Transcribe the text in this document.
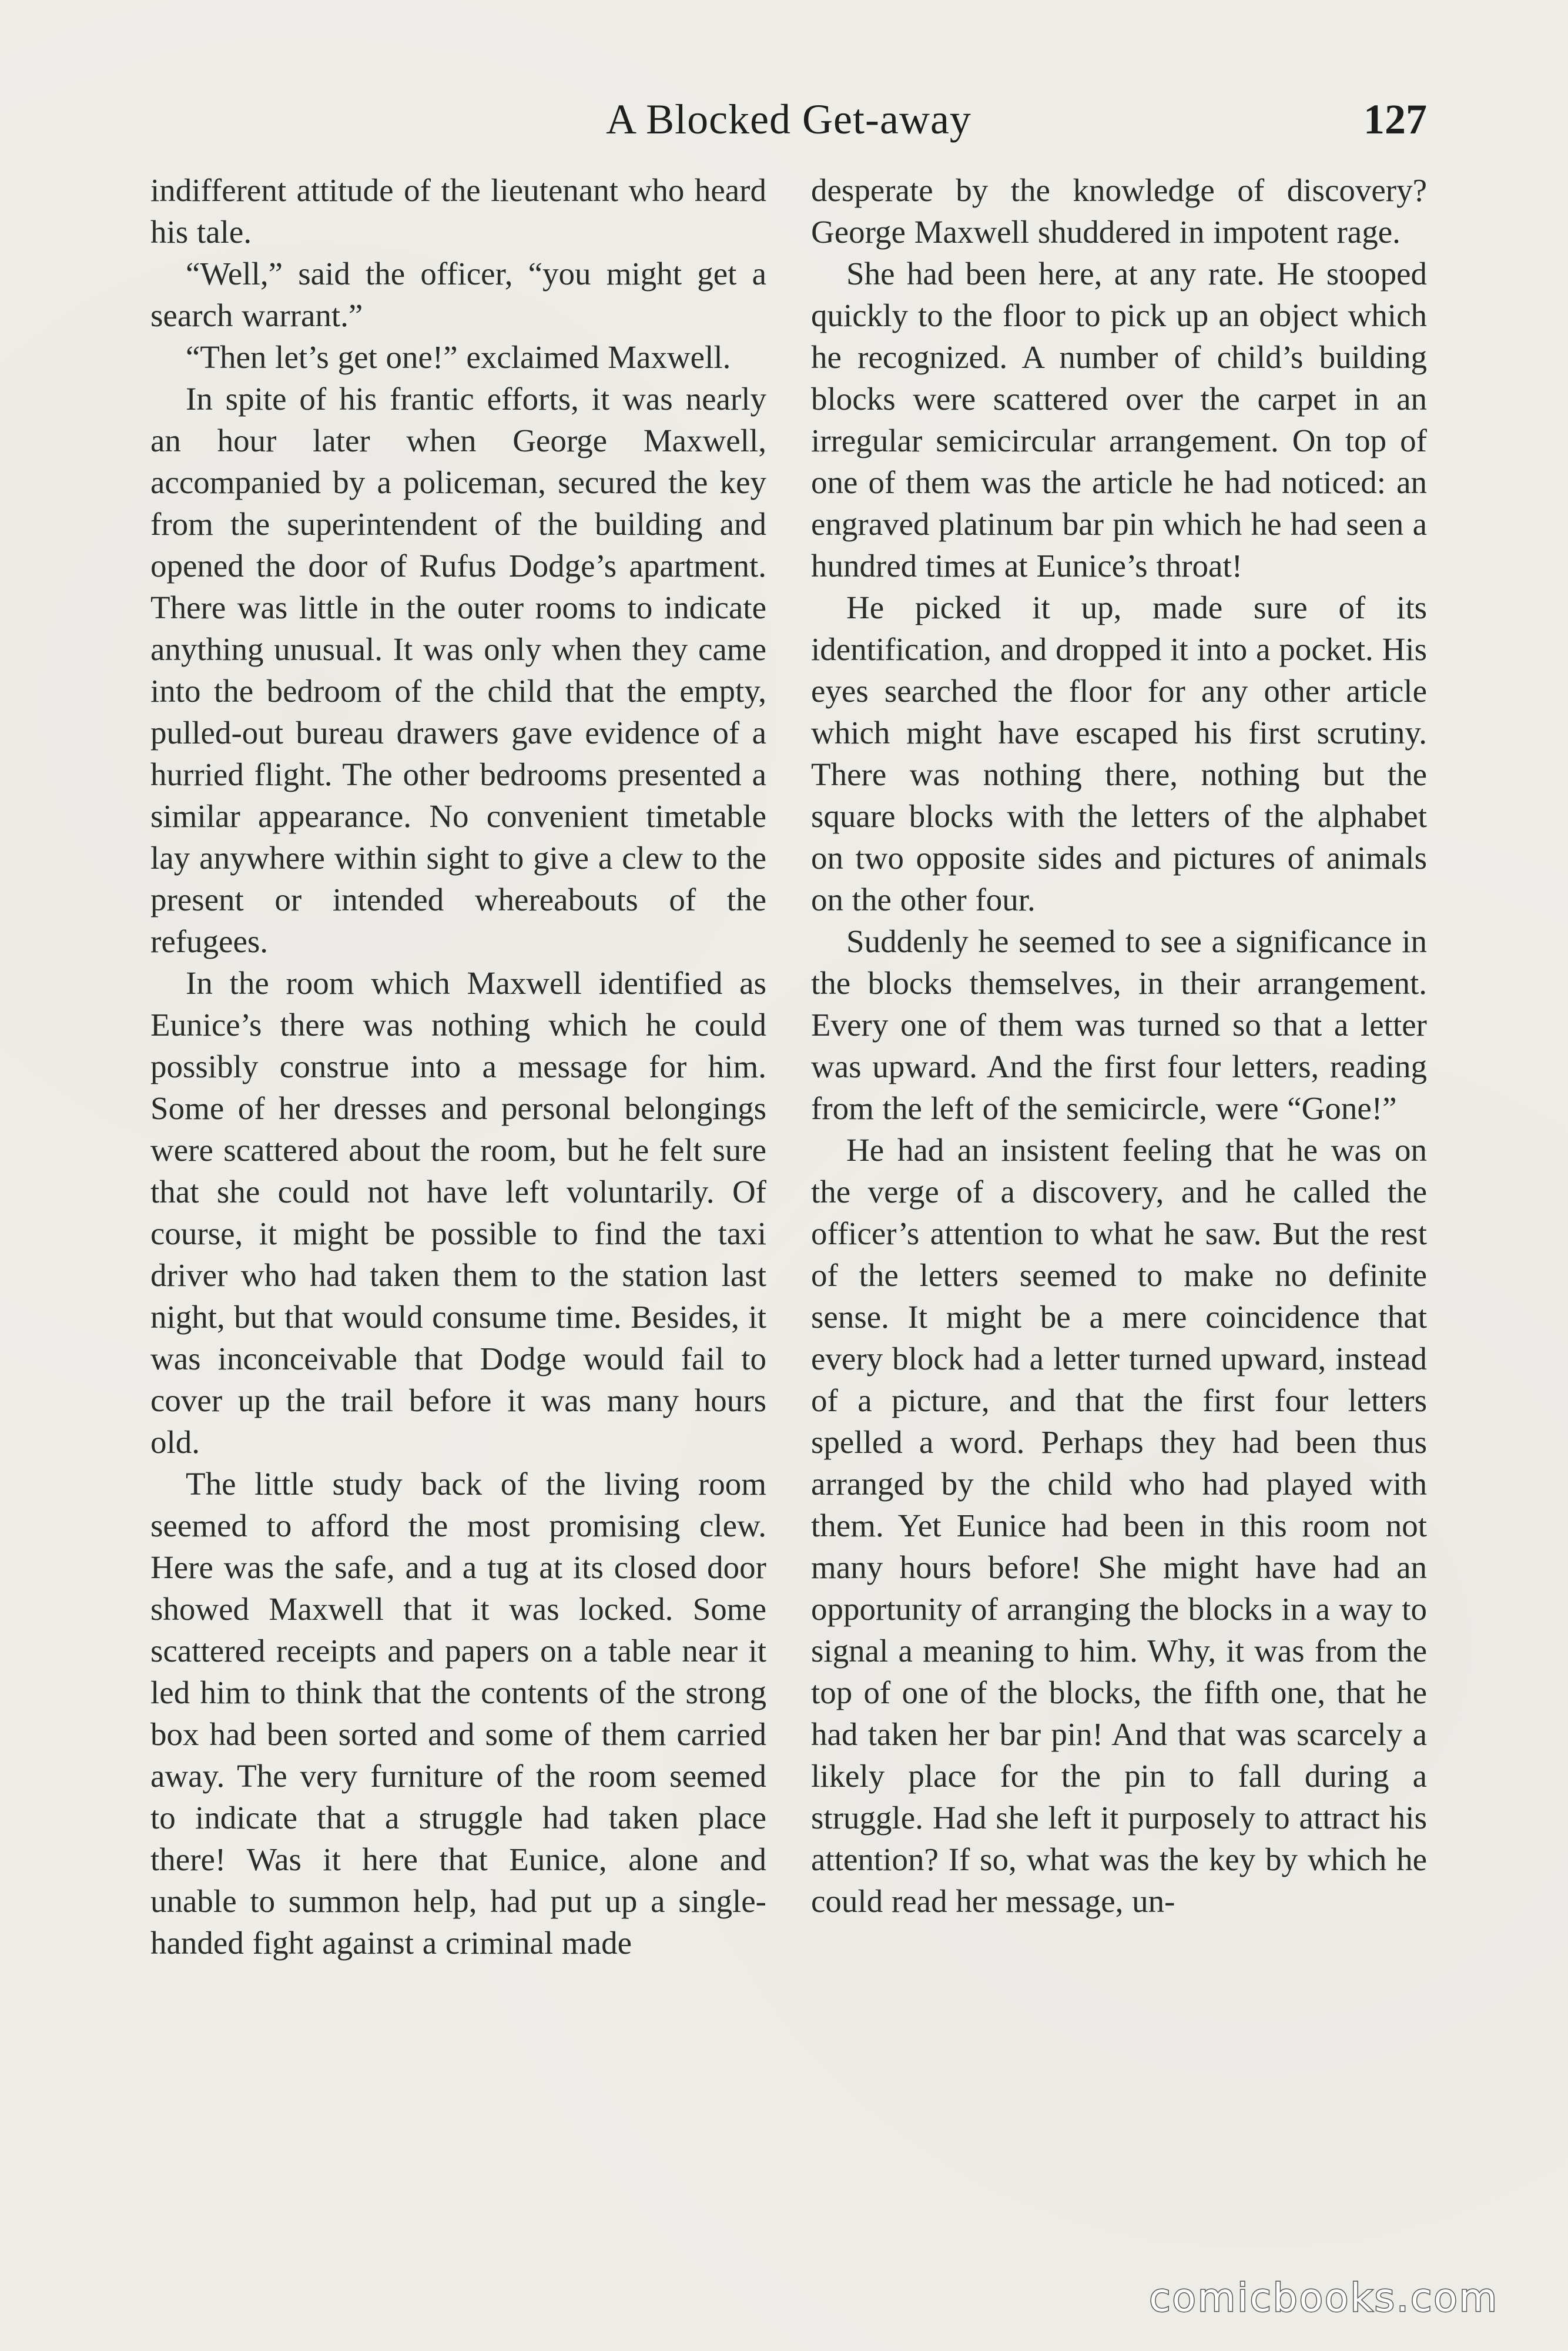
A Blocked Get-away	127

indifferent attitude of the lieutenant who heard his tale.

“Well,” said the officer, “you might get a search warrant.”

“Then let’s get one!” exclaimed Maxwell.

In spite of his frantic efforts, it was nearly an hour later when George Maxwell, accompanied by a policeman, secured the key from the superintendent of the building and opened the door of Rufus Dodge’s apartment. There was little in the outer rooms to indicate anything unusual. It was only when they came into the bedroom of the child that the empty, pulled-out bureau drawers gave evidence of a hurried flight. The other bedrooms presented a similar appearance. No convenient timetable lay anywhere within sight to give a clew to the present or intended whereabouts of the refugees.

In the room which Maxwell identified as Eunice’s there was nothing which he could possibly construe into a message for him. Some of her dresses and personal belongings were scattered about the room, but he felt sure that she could not have left voluntarily. Of course, it might be possible to find the taxi driver who had taken them to the station last night, but that would consume time. Besides, it was inconceivable that Dodge would fail to cover up the trail before it was many hours old.

The little study back of the living room seemed to afford the most promising clew. Here was the safe, and a tug at its closed door showed Maxwell that it was locked. Some scattered receipts and papers on a table near it led him to think that the contents of the strong box had been sorted and some of them carried away. The very furniture of the room seemed to indicate that a struggle had taken place there! Was it here that Eunice, alone and unable to summon help, had put up a single-handed fight against a criminal made

desperate by the knowledge of discovery? George Maxwell shuddered in impotent rage.

She had been here, at any rate. He stooped quickly to the floor to pick up an object which he recognized. A number of child’s building blocks were scattered over the carpet in an irregular semicircular arrangement. On top of one of them was the article he had noticed: an engraved platinum bar pin which he had seen a hundred times at Eunice’s throat!

He picked it up, made sure of its identification, and dropped it into a pocket. His eyes searched the floor for any other article which might have escaped his first scrutiny. There was nothing there, nothing but the square blocks with the letters of the alphabet on two opposite sides and pictures of animals on the other four.

Suddenly he seemed to see a significance in the blocks themselves, in their arrangement. Every one of them was turned so that a letter was upward. And the first four letters, reading from the left of the semicircle, were “Gone!”

He had an insistent feeling that he was on the verge of a discovery, and he called the officer’s attention to what he saw. But the rest of the letters seemed to make no definite sense. It might be a mere coincidence that every block had a letter turned upward, instead of a picture, and that the first four letters spelled a word. Perhaps they had been thus arranged by the child who had played with them. Yet Eunice had been in this room not many hours before! She might have had an opportunity of arranging the blocks in a way to signal a meaning to him. Why, it was from the top of one of the blocks, the fifth one, that he had taken her bar pin! And that was scarcely a likely place for the pin to fall during a struggle. Had she left it purposely to attract his attention? If so, what was the key by which he could read her message, un-

comicbooks.com
